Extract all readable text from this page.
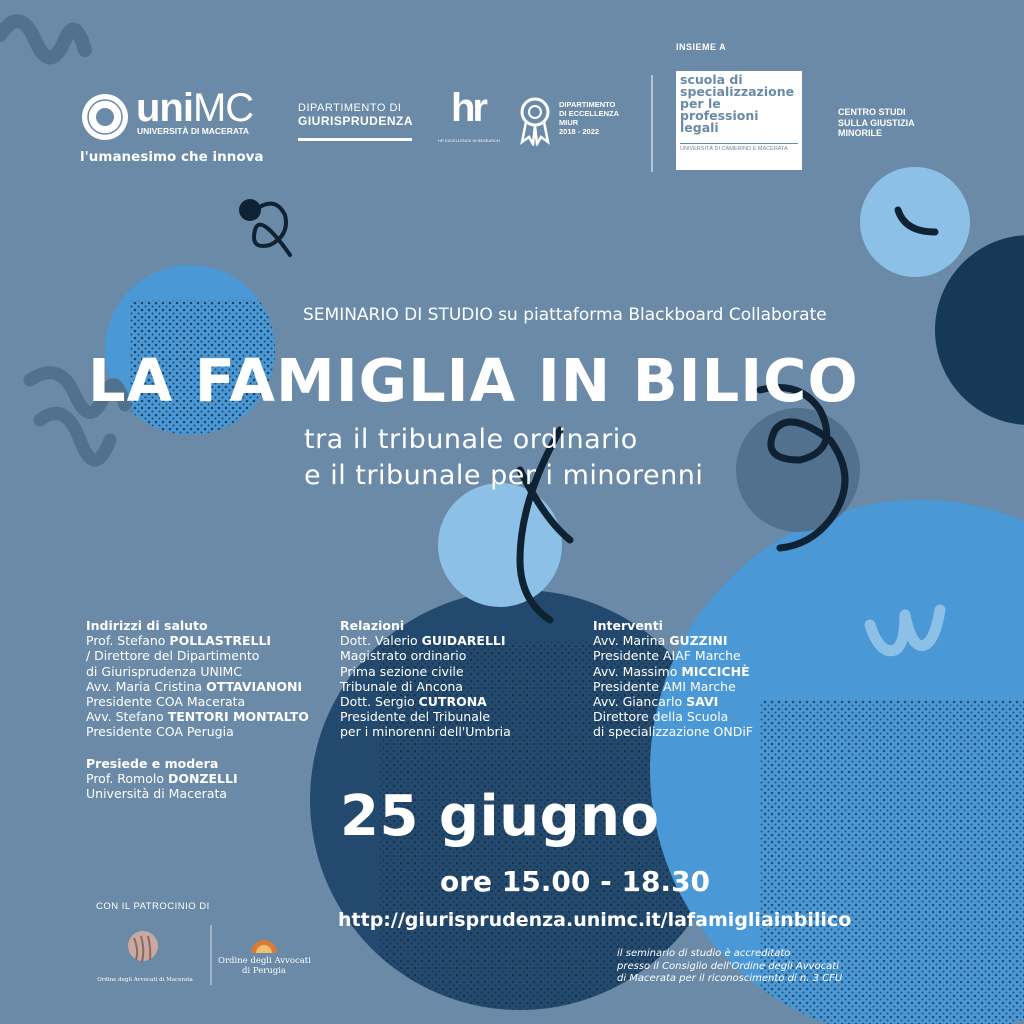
INSIEME A
uniMC
UNIVERSITÀ DI MACERATA
l'umanesimo che innova
DIPARTIMENTO DI
GIURISPRUDENZA hr
HR EXCELLENCE IN RESEARCH
DIPARTIMENTO
DI ECCELLENZA
MIUR
2018 - 2022
scuola di
specializzazione
per le
professioni
legali
UNIVERSITÀ DI CAMERINO E MACERATA
CENTRO STUDI
SULLA GIUSTIZIA
MINORILE
SEMINARIO DI STUDIO su piattaforma Blackboard Collaborate
LA FAMIGLIA IN BILICO
tra il tribunale ordinario
e il tribunale per i minorenni
Indirizzi di saluto
Prof. Stefano POLLASTRELLI
/ Direttore del Dipartimento
di Giurisprudenza UNIMC
Avv. Maria Cristina OTTAVIANONI
Presidente COA Macerata
Avv. Stefano TENTORI MONTALTO
Presidente COA Perugia
Presiede e modera
Prof. Romolo DONZELLI
Università di Macerata
Relazioni
Dott. Valerio GUIDARELLI
Magistrato ordinario
Prima sezione civile
Tribunale di Ancona
Dott. Sergio CUTRONA
Presidente del Tribunale
per i minorenni dell'Umbria
Interventi
Avv. Marina GUZZINI
Presidente AIAF Marche
Avv. Massimo MICCICHÈ
Presidente AMI Marche
Avv. Giancarlo SAVI
Direttore della Scuola
di specializzazione ONDiF
25 giugno
ore 15.00 - 18.30
http://giurisprudenza.unimc.it/lafamigliainbilico
CON IL PATROCINIO DI
Ordine degli Avvocati di Macerata
Ordine degli Avvocati
di Perugia
il seminario di studio è accreditato
presso il Consiglio dell'Ordine degli Avvocati
di Macerata per il riconoscimento di n. 3 CFU
